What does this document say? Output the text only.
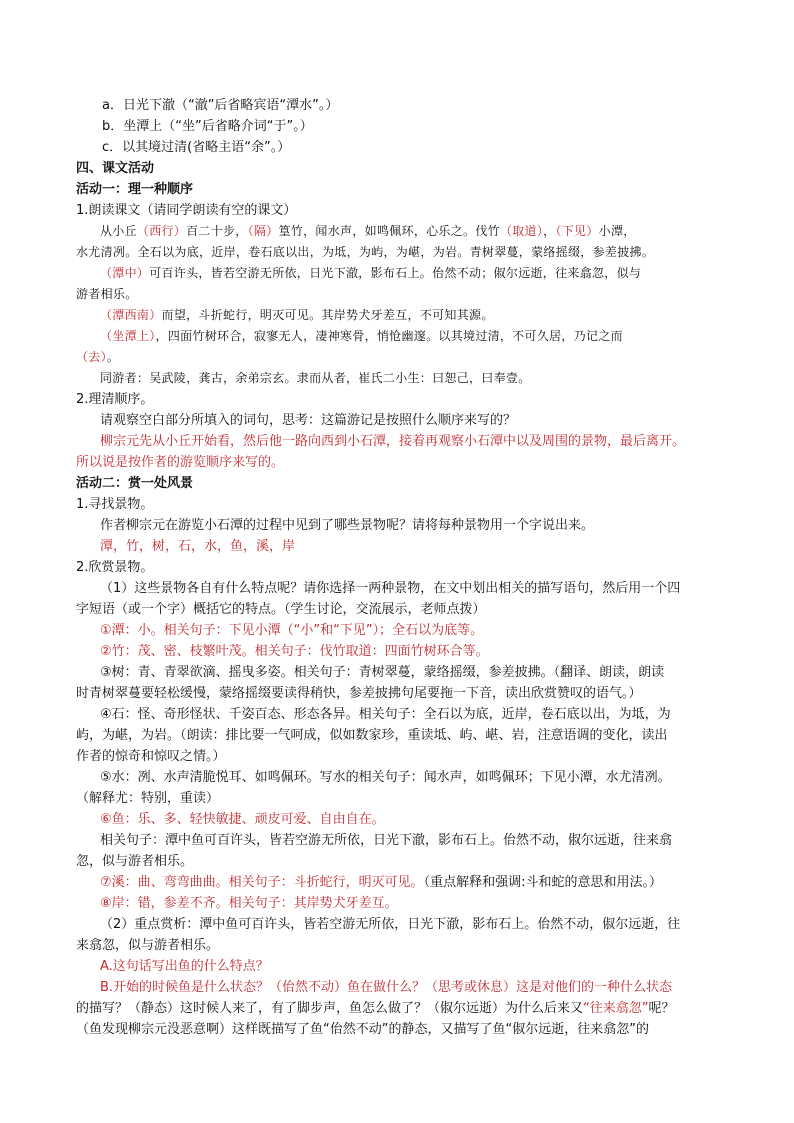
a．日光下澈（“澈”后省略宾语“潭水”。）
b．坐潭上（“坐”后省略介词“于”。）
c．以其境过清(省略主语“余”。）
四、课文活动
活动一：理一种顺序
1.朗读课文（请同学朗读有空的课文）
从小丘（西行）百二十步，（隔）篁竹，闻水声，如鸣佩环，心乐之。伐竹（取道），（下见）小潭，
水尤清冽。全石以为底，近岸，卷石底以出，为坻，为屿，为嵁，为岩。青树翠蔓，蒙络摇缀，参差披拂。
（潭中）可百许头，皆若空游无所依，日光下澈，影布石上。佁然不动；俶尔远逝，往来翕忽，似与
游者相乐。
（潭西南）而望，斗折蛇行，明灭可见。其岸势犬牙差互，不可知其源。
（坐潭上），四面竹树环合，寂寥无人，凄神寒骨，悄怆幽邃。以其境过清，不可久居，乃记之而
（去）。
同游者：吴武陵，龚古，余弟宗玄。隶而从者，崔氏二小生：曰恕己，曰奉壹。
2.理清顺序。
请观察空白部分所填入的词句，思考：这篇游记是按照什么顺序来写的？
柳宗元先从小丘开始看，然后他一路向西到小石潭，接着再观察小石潭中以及周围的景物，最后离开。
所以说是按作者的游览顺序来写的。
活动二：赏一处风景
1.寻找景物。
作者柳宗元在游览小石潭的过程中见到了哪些景物呢？请将每种景物用一个字说出来。
潭，竹，树，石，水，鱼，溪，岸
2.欣赏景物。
（1）这些景物各自有什么特点呢？请你选择一两种景物，在文中划出相关的描写语句，然后用一个四
字短语（或一个字）概括它的特点。（学生讨论，交流展示，老师点拨）
①潭：小。相关句子：下见小潭（“小”和“下见”）；全石以为底等。
②竹：茂、密、枝繁叶茂。相关句子：伐竹取道：四面竹树环合等。
③树：青、青翠欲滴、摇曳多姿。相关句子：青树翠蔓，蒙络摇缀，参差披拂。（翻译、朗读，朗读
时青树翠蔓要轻松缓慢，蒙络摇缀要读得稍快，参差披拂句尾要拖一下音，读出欣赏赞叹的语气。）
④石：怪、奇形怪状、千姿百态、形态各异。相关句子：全石以为底，近岸，卷石底以出，为坻，为
屿，为嵁，为岩。（朗读：排比要一气呵成，似如数家珍，重读坻、屿、嵁、岩，注意语调的变化，读出
作者的惊奇和惊叹之情。）
⑤水：冽、水声清脆悦耳、如鸣佩环。写水的相关句子：闻水声，如鸣佩环；下见小潭，水尤清冽。
（解释尤：特别，重读）
⑥鱼：乐、多、轻快敏捷、顽皮可爱、自由自在。
相关句子：潭中鱼可百许头，皆若空游无所依，日光下澈，影布石上。佁然不动，俶尔远逝，往来翕
忽，似与游者相乐。
⑦溪：曲、弯弯曲曲。相关句子：斗折蛇行，明灭可见。（重点解释和强调:斗和蛇的意思和用法。）
⑧岸：错，参差不齐。相关句子：其岸势犬牙差互。
（2）重点赏析：潭中鱼可百许头，皆若空游无所依，日光下澈，影布石上。佁然不动，俶尔远逝，往
来翕忽，似与游者相乐。
A.这句话写出鱼的什么特点？
B.开始的时候鱼是什么状态？（佁然不动）鱼在做什么？（思考或休息）这是对他们的一种什么状态
的描写？（静态）这时候人来了，有了脚步声，鱼怎么做了？（俶尔远逝）为什么后来又“往来翕忽”呢？
（鱼发现柳宗元没恶意啊）这样既描写了鱼“佁然不动”的静态，又描写了鱼“俶尔远逝，往来翕忽”的
